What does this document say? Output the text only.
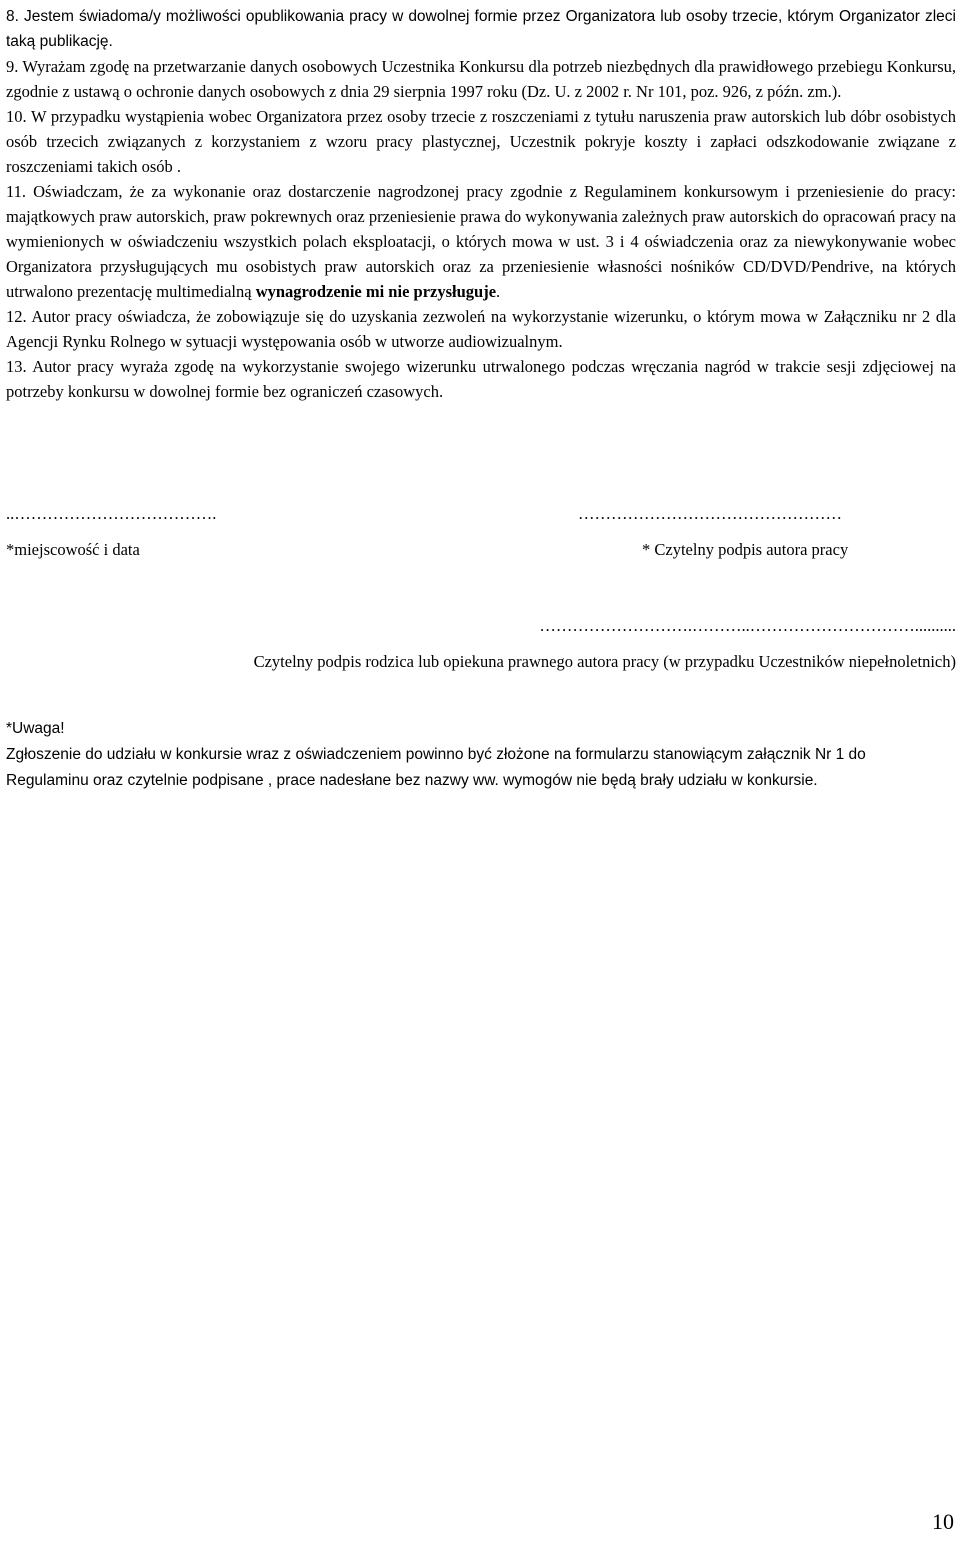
8. Jestem świadoma/y możliwości opublikowania pracy w dowolnej formie przez Organizatora lub osoby trzecie, którym Organizator zleci taką publikację.

9. Wyrażam zgodę na przetwarzanie danych osobowych Uczestnika Konkursu dla potrzeb niezbędnych dla prawidłowego przebiegu Konkursu, zgodnie z ustawą o ochronie danych osobowych z dnia 29 sierpnia 1997 roku (Dz. U. z 2002 r. Nr 101, poz. 926, z późn. zm.).

10. W przypadku wystąpienia wobec Organizatora przez osoby trzecie z roszczeniami z tytułu naruszenia praw autorskich lub dóbr osobistych osób trzecich związanych z korzystaniem z wzoru pracy plastycznej, Uczestnik pokryje koszty i zapłaci odszkodowanie związane z roszczeniami takich osób .

11. Oświadczam, że za wykonanie oraz dostarczenie nagrodzonej pracy zgodnie z Regulaminem konkursowym i przeniesienie do pracy: majątkowych praw autorskich, praw pokrewnych oraz przeniesienie prawa do wykonywania zależnych praw autorskich do opracowań pracy na wymienionych w oświadczeniu wszystkich polach eksploatacji, o których mowa w ust. 3 i 4 oświadczenia oraz za niewykonywanie wobec Organizatora przysługujących mu osobistych praw autorskich oraz za przeniesienie własności nośników CD/DVD/Pendrive, na których utrwalono prezentację multimedialną wynagrodzenie mi nie przysługuje.

12. Autor pracy oświadcza, że zobowiązuje się do uzyskania zezwoleń na wykorzystanie wizerunku, o którym mowa w Załączniku nr 2 dla Agencji Rynku Rolnego w sytuacji występowania osób w utworze audiowizualnym.

13. Autor pracy wyraża zgodę na wykorzystanie swojego wizerunku utrwalonego podczas wręczania nagród w trakcie sesji zdjęciowej na potrzeby konkursu w dowolnej formie bez ograniczeń czasowych.

..……………………………….	…………………………………………
*miejscowość i data	* Czytelny podpis autora pracy
……………………….………..…………………………..........
Czytelny podpis rodzica lub opiekuna prawnego autora pracy (w przypadku Uczestników niepełnoletnich)

*Uwaga!

Zgłoszenie do udziału w konkursie wraz z oświadczeniem powinno być złożone na formularzu stanowiącym załącznik Nr 1 do Regulaminu oraz czytelnie podpisane , prace nadesłane bez nazwy ww. wymogów nie będą brały udziału w konkursie.

10
